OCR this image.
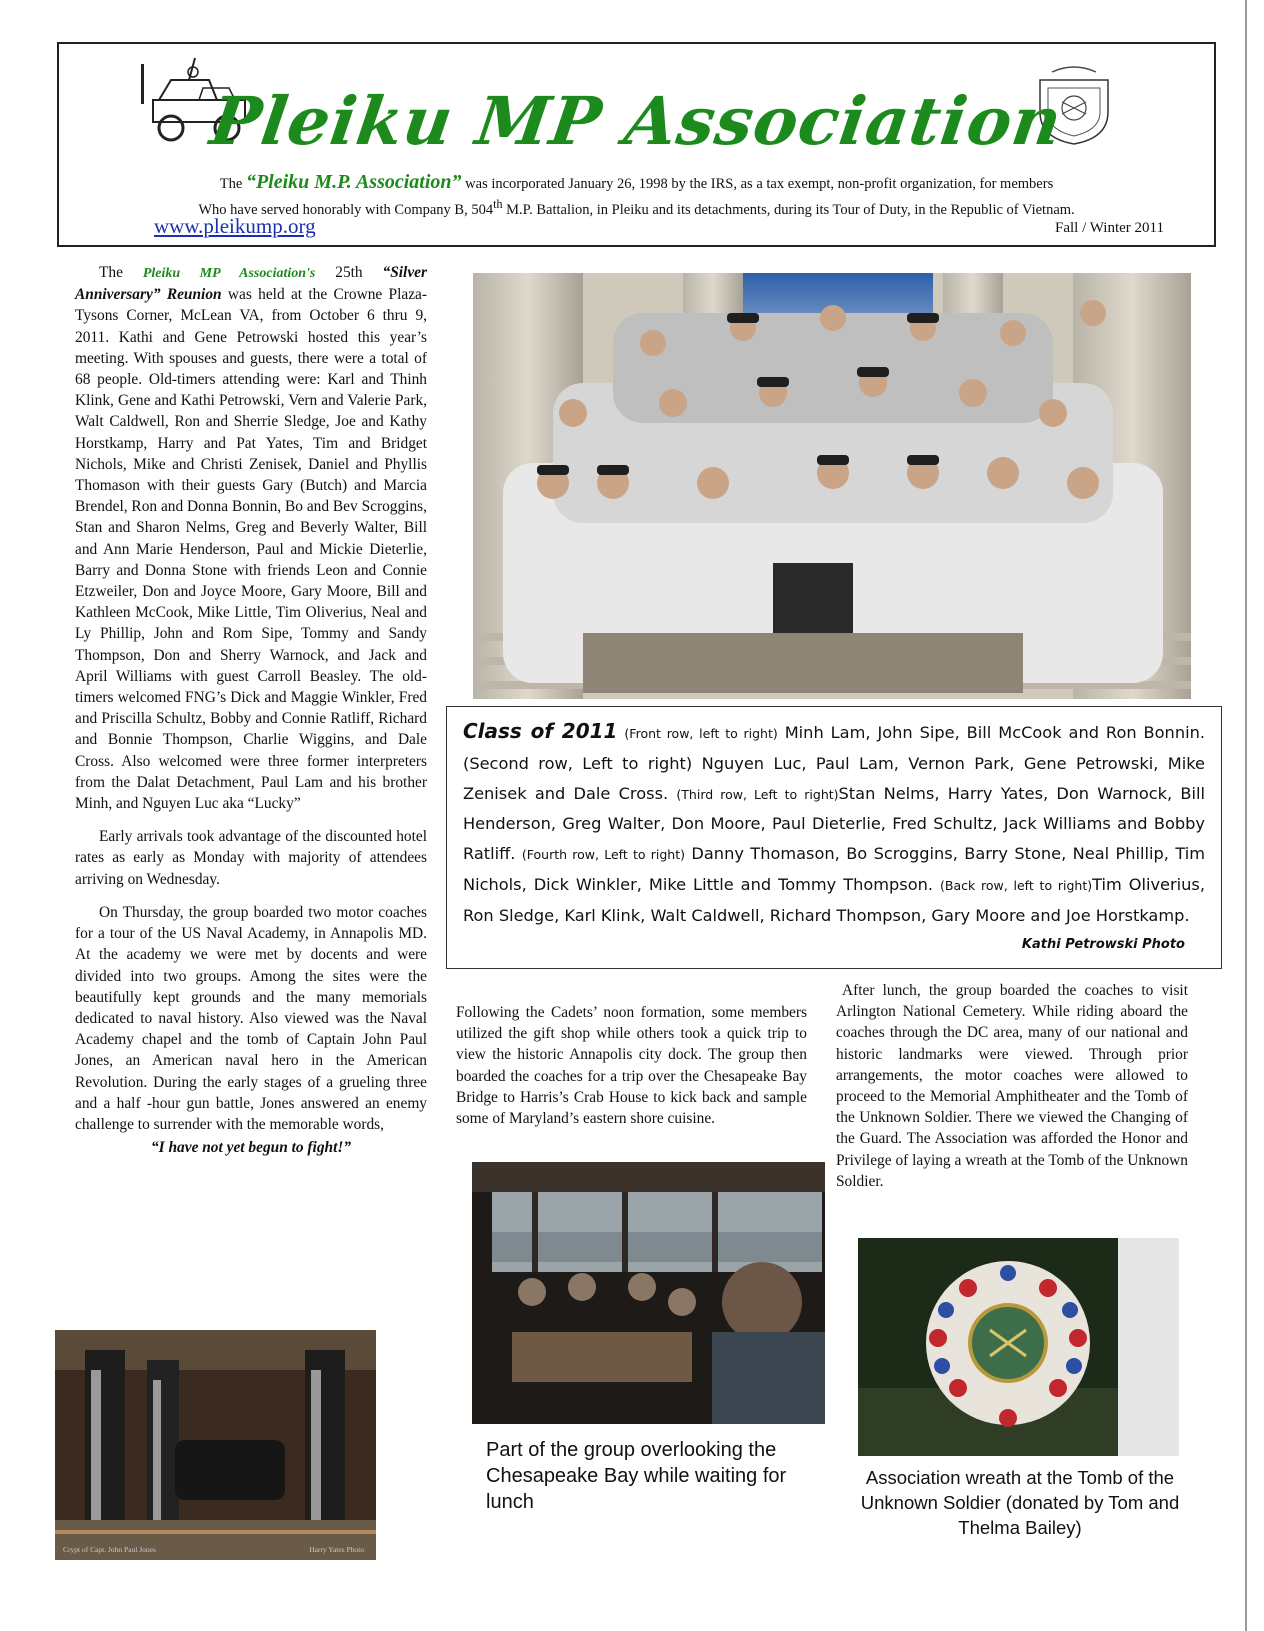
Pleiku MP Association
The “Pleiku M.P. Association” was incorporated January 26, 1998 by the IRS, as a tax exempt, non-profit organization, for members
Who have served honorably with Company B, 504th M.P. Battalion, in Pleiku and its detachments, during its Tour of Duty, in the Republic of Vietnam.
www.pleikump.org	Fall / Winter 2011

The Pleiku MP Association's 25th “Silver Anniversary” Reunion was held at the Crowne Plaza- Tysons Corner, McLean VA, from October 6 thru 9, 2011. Kathi and Gene Petrowski hosted this year’s meeting. With spouses and guests, there were a total of 68 people. Old-timers attending were: Karl and Thinh Klink, Gene and Kathi Petrowski, Vern and Valerie Park, Walt Caldwell, Ron and Sherrie Sledge, Joe and Kathy Horstkamp, Harry and Pat Yates, Tim and Bridget Nichols, Mike and Christi Zenisek, Daniel and Phyllis Thomason with their guests Gary (Butch) and Marcia Brendel, Ron and Donna Bonnin, Bo and Bev Scroggins, Stan and Sharon Nelms, Greg and Beverly Walter, Bill and Ann Marie Henderson, Paul and Mickie Dieterlie, Barry and Donna Stone with friends Leon and Connie Etzweiler, Don and Joyce Moore, Gary Moore, Bill and Kathleen McCook, Mike Little, Tim Oliverius, Neal and Ly Phillip, John and Rom Sipe, Tommy and Sandy Thompson, Don and Sherry Warnock, and Jack and April Williams with guest Carroll Beasley. The old-timers welcomed FNG’s Dick and Maggie Winkler, Fred and Priscilla Schultz, Bobby and Connie Ratliff, Richard and Bonnie Thompson, Charlie Wiggins, and Dale Cross. Also welcomed were three former interpreters from the Dalat Detachment, Paul Lam and his brother Minh, and Nguyen Luc aka “Lucky”

Early arrivals took advantage of the discounted hotel rates as early as Monday with majority of attendees arriving on Wednesday.

On Thursday, the group boarded two motor coaches for a tour of the US Naval Academy, in Annapolis MD. At the academy we were met by docents and were divided into two groups. Among the sites were the beautifully kept grounds and the many memorials dedicated to naval history. Also viewed was the Naval Academy chapel and the tomb of Captain John Paul Jones, an American naval hero in the American Revolution. During the early stages of a grueling three and a half -hour gun battle, Jones answered an enemy challenge to surrender with the memorable words,

“I have not yet begun to fight!”
Class of 2011 (Front row, left to right) Minh Lam, John Sipe, Bill McCook and Ron Bonnin. (Second row, Left to right) Nguyen Luc, Paul Lam, Vernon Park, Gene Petrowski, Mike Zenisek and Dale Cross. (Third row, Left to right)Stan Nelms, Harry Yates, Don Warnock, Bill Henderson, Greg Walter, Don Moore, Paul Dieterlie, Fred Schultz, Jack Williams and Bobby Ratliff. (Fourth row, Left to right) Danny Thomason, Bo Scroggins, Barry Stone, Neal Phillip, Tim Nichols, Dick Winkler, Mike Little and Tommy Thompson. (Back row, left to right)Tim Oliverius, Ron Sledge, Karl Klink, Walt Caldwell, Richard Thompson, Gary Moore and Joe Horstkamp.
Kathi Petrowski Photo

Following the Cadets’ noon formation, some members utilized the gift shop while others took a quick trip to view the historic Annapolis city dock. The group then boarded the coaches for a trip over the Chesapeake Bay Bridge to Harris’s Crab House to kick back and sample some of Maryland’s eastern shore cuisine.

Crypt of Capt. John Paul Jones	Harry Yates Photo
Part of the group overlooking the Chesapeake Bay while waiting for lunch

After lunch, the group boarded the coaches to visit Arlington National Cemetery. While riding aboard the coaches through the DC area, many of our national and historic landmarks were viewed. Through prior arrangements, the motor coaches were allowed to proceed to the Memorial Amphitheater and the Tomb of the Unknown Soldier. There we viewed the Changing of the Guard. The Association was afforded the Honor and Privilege of laying a wreath at the Tomb of the Unknown Soldier.

Association wreath at the Tomb of the Unknown Soldier (donated by Tom and Thelma Bailey)
